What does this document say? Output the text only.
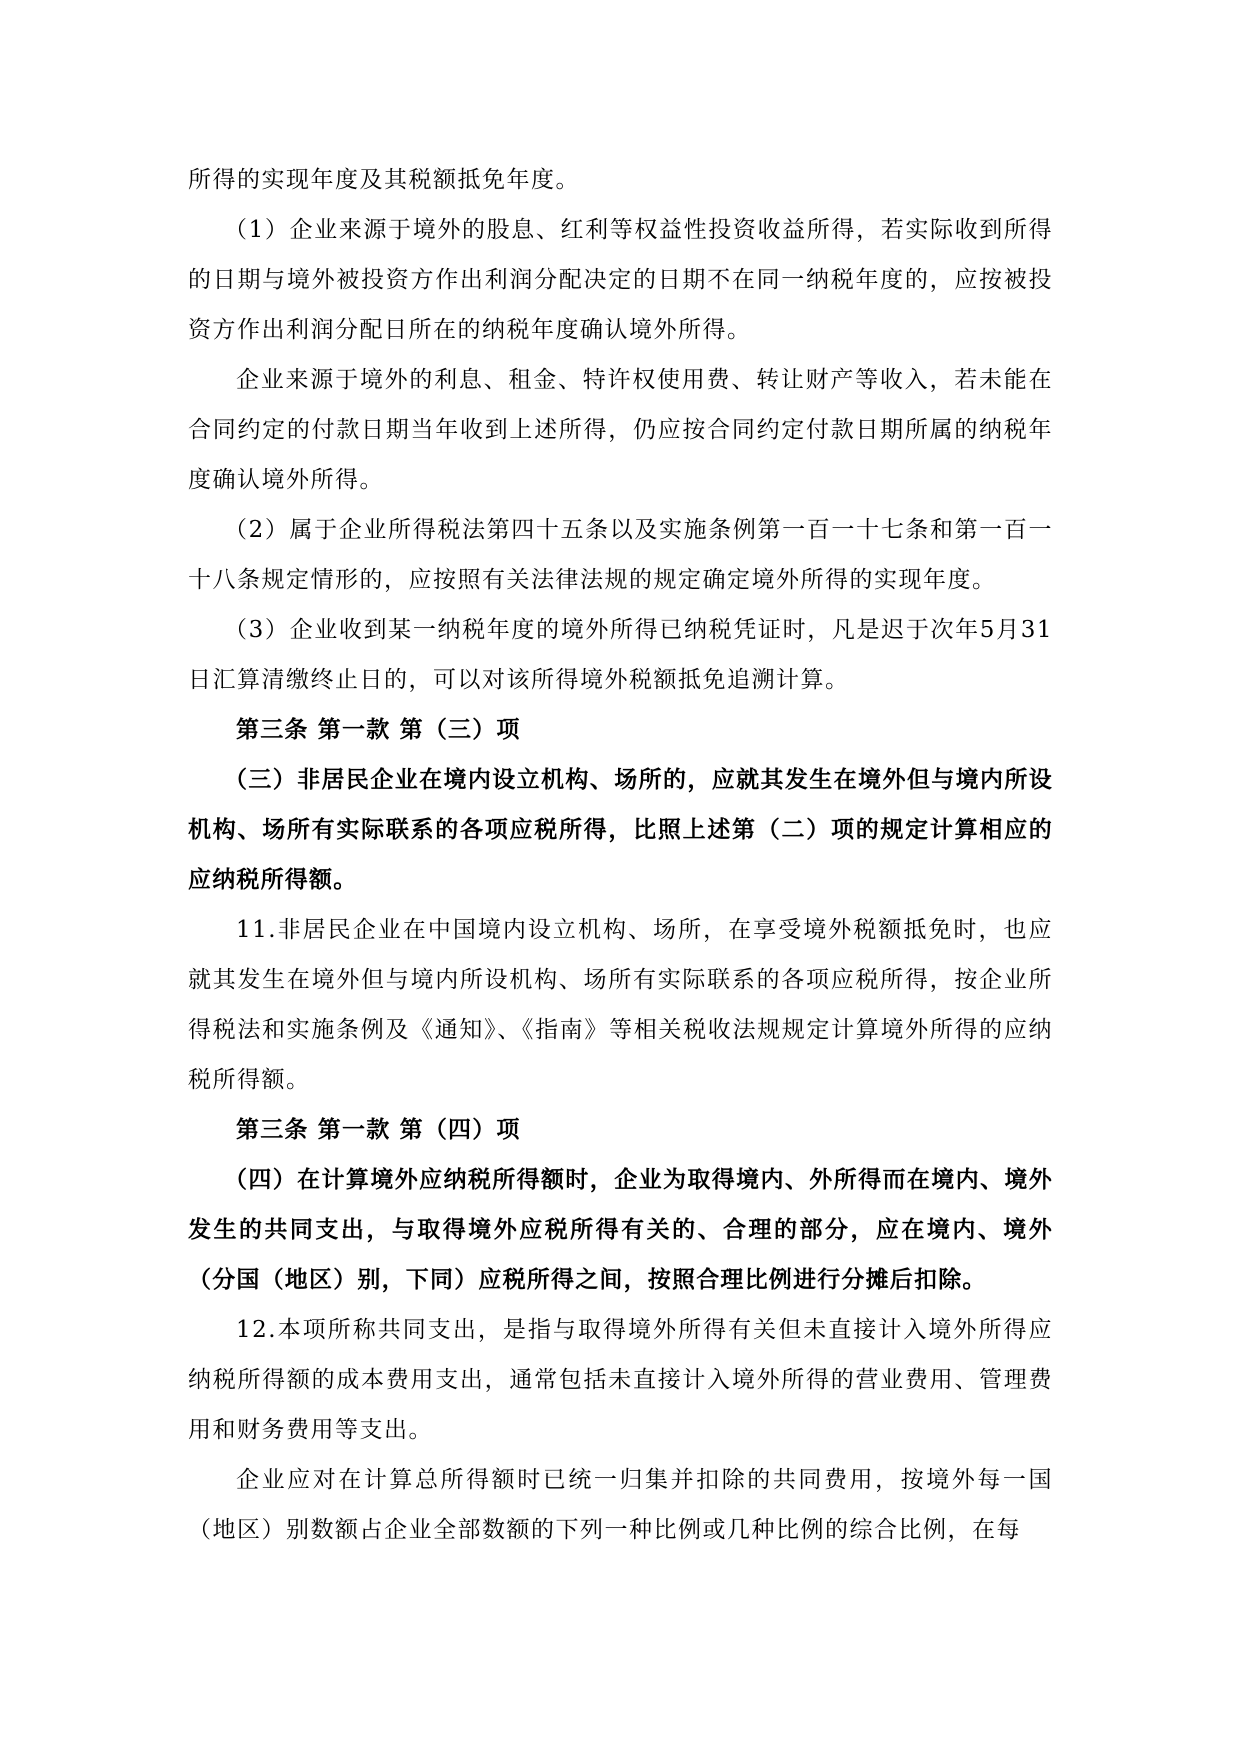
所得的实现年度及其税额抵免年度。

（1）企业来源于境外的股息、红利等权益性投资收益所得，若实际收到所得的日期与境外被投资方作出利润分配决定的日期不在同一纳税年度的，应按被投资方作出利润分配日所在的纳税年度确认境外所得。

企业来源于境外的利息、租金、特许权使用费、转让财产等收入，若未能在合同约定的付款日期当年收到上述所得，仍应按合同约定付款日期所属的纳税年度确认境外所得。

（2）属于企业所得税法第四十五条以及实施条例第一百一十七条和第一百一十八条规定情形的，应按照有关法律法规的规定确定境外所得的实现年度。

（3）企业收到某一纳税年度的境外所得已纳税凭证时，凡是迟于次年5月31日汇算清缴终止日的，可以对该所得境外税额抵免追溯计算。

第三条 第一款 第（三）项

（三）非居民企业在境内设立机构、场所的，应就其发生在境外但与境内所设机构、场所有实际联系的各项应税所得，比照上述第（二）项的规定计算相应的应纳税所得额。

11.非居民企业在中国境内设立机构、场所，在享受境外税额抵免时，也应就其发生在境外但与境内所设机构、场所有实际联系的各项应税所得，按企业所得税法和实施条例及《通知》、《指南》等相关税收法规规定计算境外所得的应纳税所得额。

第三条 第一款 第（四）项

（四）在计算境外应纳税所得额时，企业为取得境内、外所得而在境内、境外发生的共同支出，与取得境外应税所得有关的、合理的部分，应在境内、境外（分国（地区）别，下同）应税所得之间，按照合理比例进行分摊后扣除。

12.本项所称共同支出，是指与取得境外所得有关但未直接计入境外所得应纳税所得额的成本费用支出，通常包括未直接计入境外所得的营业费用、管理费用和财务费用等支出。

企业应对在计算总所得额时已统一归集并扣除的共同费用，按境外每一国（地区）别数额占企业全部数额的下列一种比例或几种比例的综合比例，在每
